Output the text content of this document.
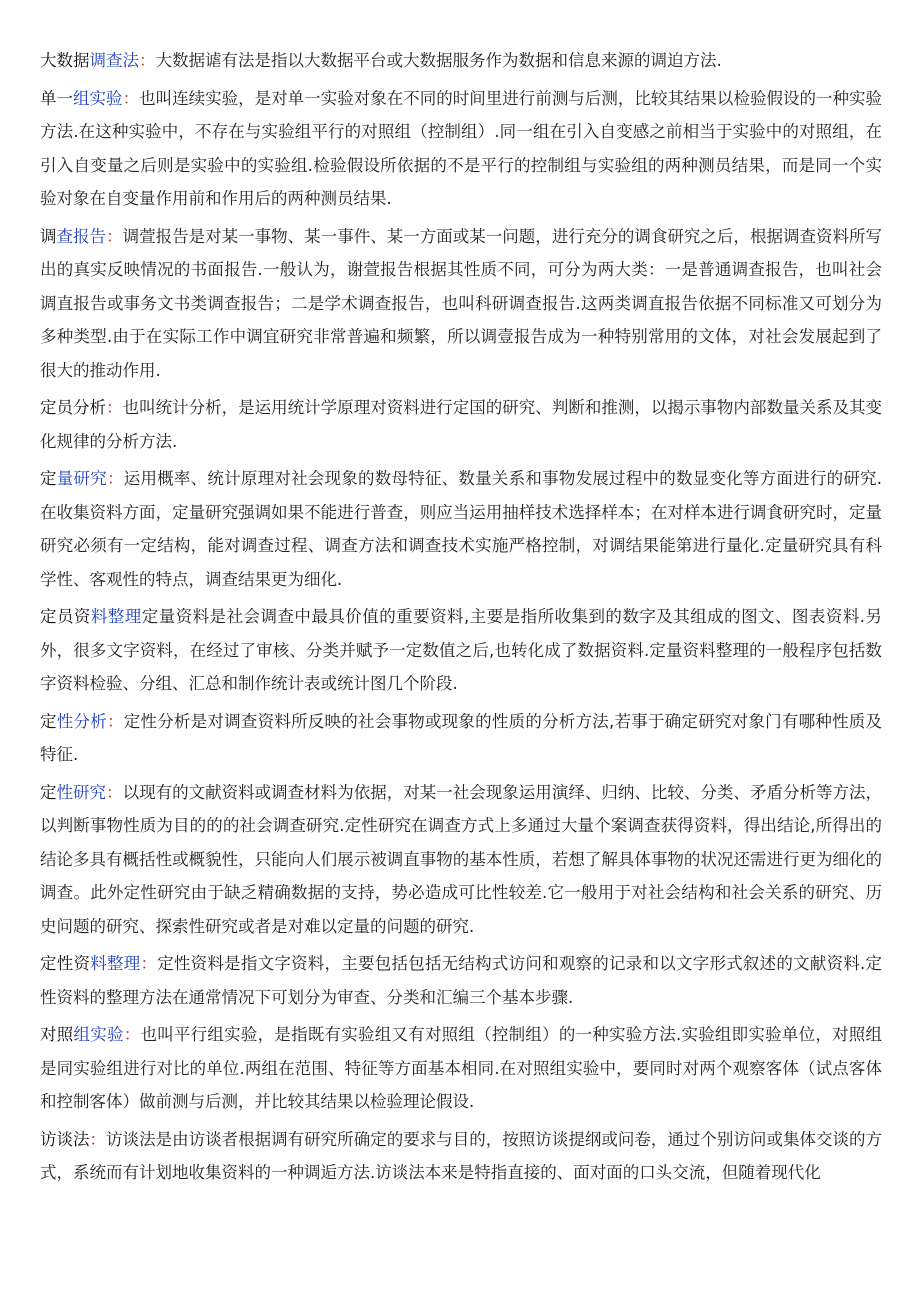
大数据调查法：大数据谑有法是指以大数据平台或大数据服务作为数据和信息来源的调迫方法.

单一组实验：也叫连续实验，是对单一实验对象在不同的时间里进行前测与后测，比较其结果以检验假设的一种实验方法.在这种实验中，不存在与实验组平行的对照组（控制组）.同一组在引入自变感之前相当于实验中的对照组，在引入自变量之后则是实验中的实验组.检验假设所依据的不是平行的控制组与实验组的两种测员结果，而是同一个实验对象在自变量作用前和作用后的两种测员结果.

调查报告：调萱报告是对某一事物、某一事件、某一方面或某一问题，进行充分的调食研究之后，根据调查资料所写出的真实反映情况的书面报告.一般认为，谢萱报告根据其性质不同，可分为两大类：一是普通调查报告，也叫社会调直报告或事务文书类调查报告；二是学术调查报告，也叫科研调查报告.这两类调直报告依据不同标准又可划分为多种类型.由于在实际工作中调宜研究非常普遍和频繁，所以调壹报告成为一种特别常用的文体，对社会发展起到了很大的推动作用.

定员分析：也叫统计分析，是运用统计学原理对资料进行定国的研究、判断和推测，以揭示事物内部数量关系及其变化规律的分析方法.

定量研究：运用概率、统计原理对社会现象的数母特征、数量关系和事物发展过程中的数显变化等方面进行的研究.在收集资料方面，定量研究强调如果不能进行普查，则应当运用抽样技术选择样本；在对样本进行调食研究时，定量研究必须有一定结构，能对调查过程、调查方法和调查技术实施严格控制，对调结果能第进行量化.定量研究具有科学性、客观性的特点，调查结果更为细化.

定员资料整理定量资料是社会调查中最具价值的重要资料,主要是指所收集到的数字及其组成的图文、图表资料.另外，很多文字资料，在经过了审核、分类并赋予一定数值之后,也转化成了数据资料.定量资料整理的一般程序包括数字资料检验、分组、汇总和制作统计表或统计图几个阶段.

定性分析：定性分析是对调查资料所反映的社会事物或现象的性质的分析方法,若事于确定研究对象门有哪种性质及特征.

定性研究：以现有的文献资料或调查材料为依据，对某一社会现象运用演绎、归纳、比较、分类、矛盾分析等方法，以判断事物性质为目的的的社会调查研究.定性研究在调查方式上多通过大量个案调查获得资料，得出结论,所得出的结论多具有概括性或概貌性，只能向人们展示被调直事物的基本性质，若想了解具体事物的状况还需进行更为细化的调查。此外定性研究由于缺乏精确数据的支持，势必造成可比性较差.它一般用于对社会结构和社会关系的研究、历史问题的研究、探索性研究或者是对难以定量的问题的研究.

定性资料整理：定性资料是指文字资料，主要包括包括无结构式访问和观察的记录和以文字形式叙述的文献资料.定性资料的整理方法在通常情况下可划分为审查、分类和汇编三个基本步骤.

对照组实验：也叫平行组实验，是指既有实验组又有对照组（控制组）的一种实验方法.实验组即实验单位，对照组是同实验组进行对比的单位.两组在范围、特征等方面基本相同.在对照组实验中，要同时对两个观察客体（试点客体和控制客体）做前测与后测，并比较其结果以检验理论假设.

访谈法：访谈法是由访谈者根据调有研究所确定的要求与目的，按照访谈提纲或问卷，通过个别访问或集体交谈的方式，系统而有计划地收集资料的一种调逅方法.访谈法本来是特指直接的、面对面的口头交流，但随着现代化
